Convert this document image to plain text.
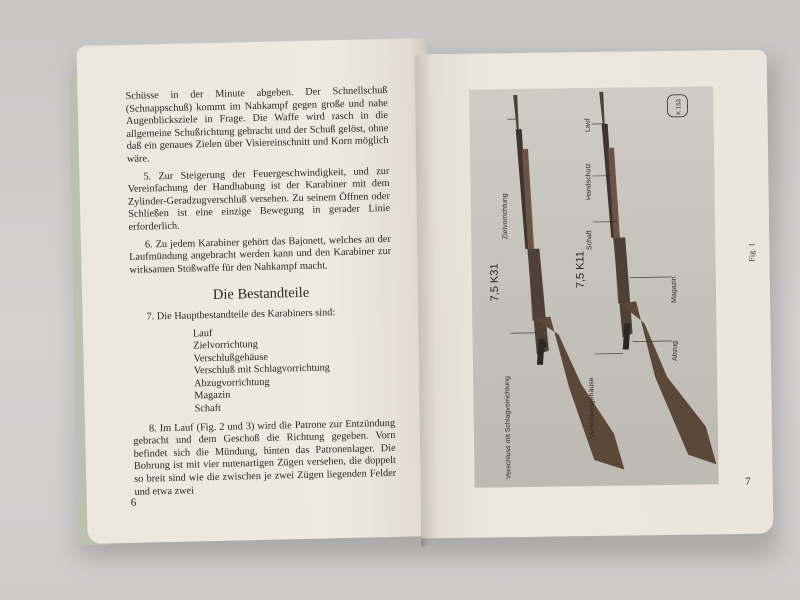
Schüsse in der Minute abgeben. Der Schnellschuß (Schnappschuß) kommt im Nahkampf gegen große und nahe Augenblicksziele in Frage. Die Waffe wird rasch in die allgemeine Schußrichtung gebracht und der Schuß gelöst, ohne daß ein genaues Zielen über Visiereinschnitt und Korn möglich wäre.

5. Zur Steigerung der Feuergeschwindigkeit, und zur Vereinfachung der Handhabung ist der Karabiner mit dem Zylinder-Geradzugverschluß versehen. Zu seinem Öffnen oder Schließen ist eine einzige Bewegung in gerader Linie erforderlich.

6. Zu jedem Karabiner gehört das Bajonett, welches an der Laufmündung angebracht werden kann und den Karabiner zur wirksamen Stoßwaffe für den Nahkampf macht.

Die Bestandteile

7. Die Hauptbestandteile des Karabiners sind:

Lauf
Zielvorrichtung
Verschlußgehäuse
Verschluß mit Schlagvorrichtung
Abzugvorrichtung
Magazin
Schaft

8. Im Lauf (Fig. 2 und 3) wird die Patrone zur Entzündung gebracht und dem Geschoß die Richtung gegeben. Vorn befindet sich die Mündung, hinten das Patronenlager. Die Bohrung ist mit vier nutenartigen Zügen versehen, die doppelt so breit sind wie die zwischen je zwei Zügen liegenden Felder und etwa zwei

6
Zielvorrichtung
Verschluss mit Schlagvorrichtung
7,5 K31
Lauf
Handschutz
Schaft
Magazin
Abzug
Verschlussgehäuse
7,5 K11
K 153
Fig. 1
7
